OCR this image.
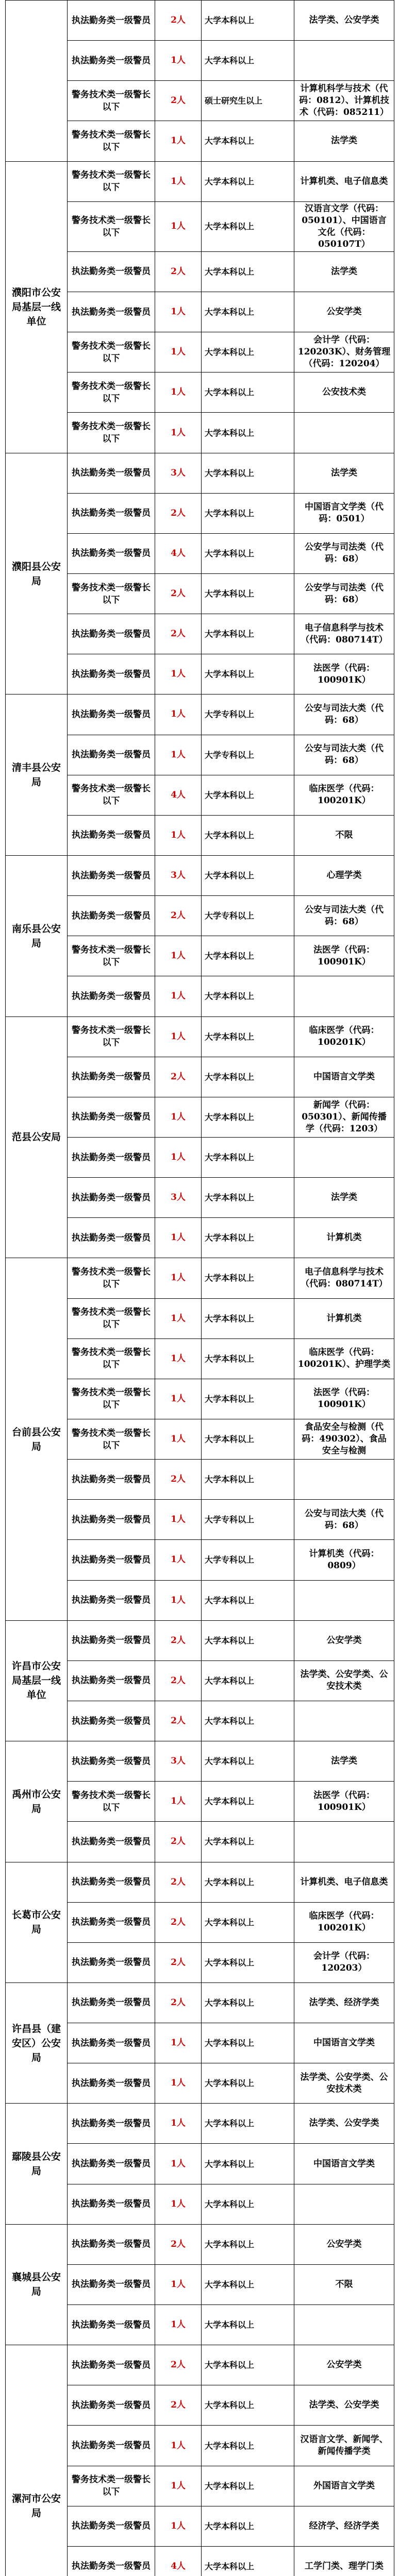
	执法勤务类一级警员	2人	大学本科以上	法学类、公安学类
	执法勤务类一级警员	1人	大学本科以上	
	警务技术类一级警长以下	2人	硕士研究生以上	计算机科学与技术（代码：0812）、计算机技术（代码：085211）
	警务技术类一级警长以下	1人	大学本科以上	法学类
濮阳市公安局基层一线单位	警务技术类一级警长以下	1人	大学本科以上	计算机类、电子信息类
	警务技术类一级警长以下	1人	大学本科以上	汉语言文学（代码：050101）、中国语言文化（代码：050107T）
	执法勤务类一级警员	2人	大学本科以上	法学类
	执法勤务类一级警员	1人	大学本科以上	公安学类
	警务技术类一级警长以下	1人	大学本科以上	会计学（代码：120203K）、财务管理（代码：120204）
	警务技术类一级警长以下	1人	大学本科以上	公安技术类
	警务技术类一级警长以下	1人	大学本科以上	
濮阳县公安局	执法勤务类一级警员	3人	大学本科以上	法学类
	执法勤务类一级警员	2人	大学本科以上	中国语言文学类（代码：0501）
	执法勤务类一级警员	4人	大学本科以上	公安学与司法类（代码：68）
	警务技术类一级警长以下	2人	大学本科以上	公安学与司法类（代码：68）
	执法勤务类一级警员	2人	大学本科以上	电子信息科学与技术（代码：080714T）
	执法勤务类一级警员	1人	大学本科以上	法医学（代码：100901K）
清丰县公安局	执法勤务类一级警员	1人	大学专科以上	公安与司法大类（代码：68）
	执法勤务类一级警员	1人	大学专科以上	公安与司法大类（代码：68）
	警务技术类一级警长以下	4人	大学本科以上	临床医学（代码：100201K）
	执法勤务类一级警员	1人	大学本科以上	不限
南乐县公安局	执法勤务类一级警员	3人	大学本科以上	心理学类
	执法勤务类一级警员	2人	大学专科以上	公安与司法大类（代码：68）
	警务技术类一级警长以下	1人	大学本科以上	法医学（代码：100901K）
	执法勤务类一级警员	1人	大学本科以上	
范县公安局	警务技术类一级警长以下	1人	大学本科以上	临床医学（代码：100201K）
	执法勤务类一级警员	2人	大学本科以上	中国语言文学类
	执法勤务类一级警员	1人	大学本科以上	新闻学（代码：050301）、新闻传播学（代码：1203）
	执法勤务类一级警员	1人	大学本科以上	
	执法勤务类一级警员	3人	大学本科以上	法学类
	执法勤务类一级警员	1人	大学本科以上	计算机类
台前县公安局	警务技术类一级警长以下	1人	大学本科以上	电子信息科学与技术（代码：080714T）
	警务技术类一级警长以下	1人	大学本科以上	计算机类
	警务技术类一级警长以下	1人	大学本科以上	临床医学（代码：100201K）、护理学类
	警务技术类一级警长以下	1人	大学本科以上	法医学（代码：100901K）
	警务技术类一级警长以下	1人	大学本科以上	食品安全与检测（代码：490302）、食品安全与检测
	执法勤务类一级警员	2人	大学本科以上	
	执法勤务类一级警员	1人	大学专科以上	公安与司法大类（代码：68）
	执法勤务类一级警员	1人	大学专科以上	计算机类（代码：0809）
	执法勤务类一级警员	1人	大学本科以上	
许昌市公安局基层一线单位	执法勤务类一级警员	2人	大学本科以上	公安学类
	执法勤务类一级警员	2人	大学本科以上	法学类、公安学类、公安技术类
	执法勤务类一级警员	2人	大学本科以上	
禹州市公安局	执法勤务类一级警员	3人	大学本科以上	法学类
	警务技术类一级警长以下	1人	大学本科以上	法医学（代码：100901K）
	执法勤务类一级警员	2人	大学本科以上	
长葛市公安局	执法勤务类一级警员	2人	大学本科以上	计算机类、电子信息类
	执法勤务类一级警员	2人	大学本科以上	临床医学（代码：100201K）
	执法勤务类一级警员	2人	大学本科以上	会计学（代码：120203）
许昌县（建安区）公安局	执法勤务类一级警员	2人	大学本科以上	法学类、经济学类
	执法勤务类一级警员	1人	大学本科以上	中国语言文学类
	执法勤务类一级警员	1人	大学本科以上	法学类、公安学类、公安技术类
鄢陵县公安局	执法勤务类一级警员	1人	大学本科以上	法学类、公安学类
	执法勤务类一级警员	1人	大学本科以上	中国语言文学类
	执法勤务类一级警员	1人	大学本科以上	
襄城县公安局	执法勤务类一级警员	2人	大学本科以上	公安学类
	执法勤务类一级警员	1人	大学本科以上	不限
	执法勤务类一级警员	1人	大学本科以上	
漯河市公安局	执法勤务类一级警员	2人	大学本科以上	公安学类
	执法勤务类一级警员	2人	大学本科以上	法学类、公安学类
	执法勤务类一级警员	1人	大学本科以上	汉语言文学、新闻学、新闻传播学类
	警务技术类一级警长以下	1人	大学本科以上	外国语言文学类
	执法勤务类一级警员	1人	大学本科以上	经济学、经济学类
	执法勤务类一级警员	4人	大学本科以上	工学门类、理学门类
